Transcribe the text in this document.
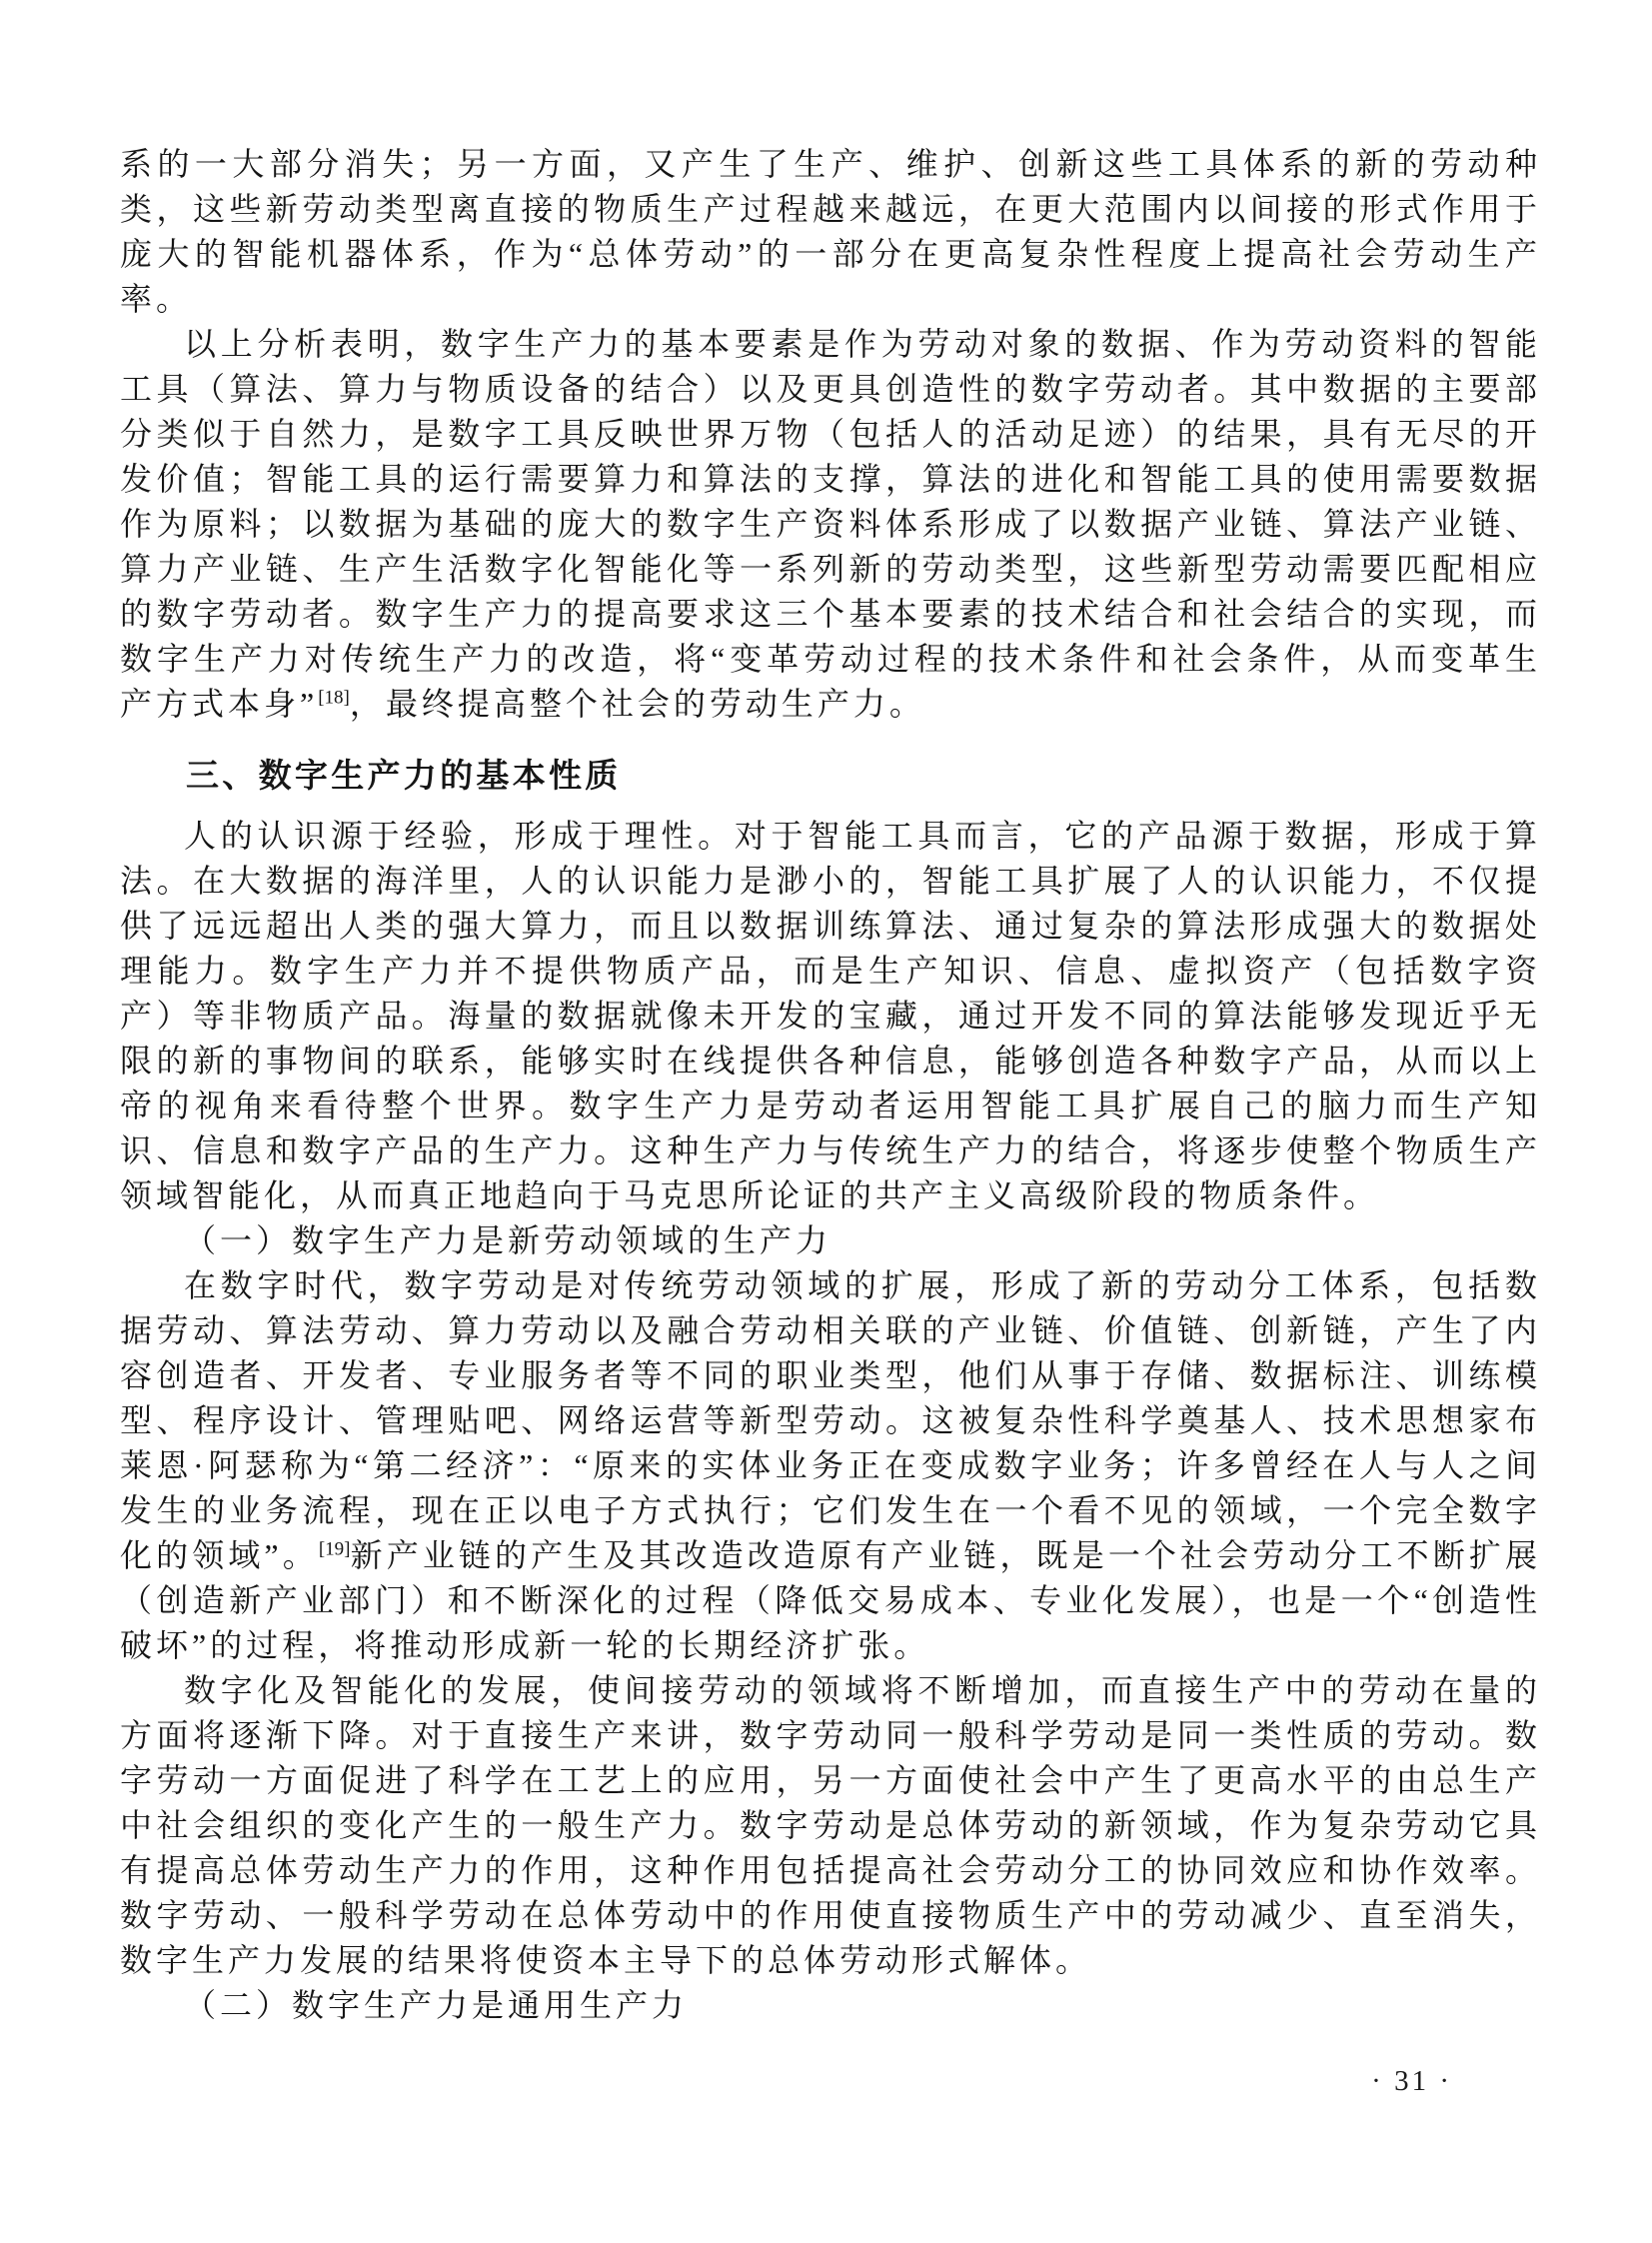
系的一大部分消失；另一方面，又产生了生产、维护、创新这些工具体系的新的劳动种类，这些新劳动类型离直接的物质生产过程越来越远，在更大范围内以间接的形式作用于庞大的智能机器体系，作为“总体劳动”的一部分在更高复杂性程度上提高社会劳动生产率。

以上分析表明，数字生产力的基本要素是作为劳动对象的数据、作为劳动资料的智能工具（算法、算力与物质设备的结合）以及更具创造性的数字劳动者。其中数据的主要部分类似于自然力，是数字工具反映世界万物（包括人的活动足迹）的结果，具有无尽的开发价值；智能工具的运行需要算力和算法的支撑，算法的进化和智能工具的使用需要数据作为原料；以数据为基础的庞大的数字生产资料体系形成了以数据产业链、算法产业链、算力产业链、生产生活数字化智能化等一系列新的劳动类型，这些新型劳动需要匹配相应的数字劳动者。数字生产力的提高要求这三个基本要素的技术结合和社会结合的实现，而数字生产力对传统生产力的改造，将“变革劳动过程的技术条件和社会条件，从而变革生产方式本身”[18]，最终提高整个社会的劳动生产力。

三、数字生产力的基本性质

人的认识源于经验，形成于理性。对于智能工具而言，它的产品源于数据，形成于算法。在大数据的海洋里，人的认识能力是渺小的，智能工具扩展了人的认识能力，不仅提供了远远超出人类的强大算力，而且以数据训练算法、通过复杂的算法形成强大的数据处理能力。数字生产力并不提供物质产品，而是生产知识、信息、虚拟资产（包括数字资产）等非物质产品。海量的数据就像未开发的宝藏，通过开发不同的算法能够发现近乎无限的新的事物间的联系，能够实时在线提供各种信息，能够创造各种数字产品，从而以上帝的视角来看待整个世界。数字生产力是劳动者运用智能工具扩展自己的脑力而生产知识、信息和数字产品的生产力。这种生产力与传统生产力的结合，将逐步使整个物质生产领域智能化，从而真正地趋向于马克思所论证的共产主义高级阶段的物质条件。

（一）数字生产力是新劳动领域的生产力

在数字时代，数字劳动是对传统劳动领域的扩展，形成了新的劳动分工体系，包括数据劳动、算法劳动、算力劳动以及融合劳动相关联的产业链、价值链、创新链，产生了内容创造者、开发者、专业服务者等不同的职业类型，他们从事于存储、数据标注、训练模型、程序设计、管理贴吧、网络运营等新型劳动。这被复杂性科学奠基人、技术思想家布莱恩·阿瑟称为“第二经济”：“原来的实体业务正在变成数字业务；许多曾经在人与人之间发生的业务流程，现在正以电子方式执行；它们发生在一个看不见的领域，一个完全数字化的领域”。[19]新产业链的产生及其改造改造原有产业链，既是一个社会劳动分工不断扩展（创造新产业部门）和不断深化的过程（降低交易成本、专业化发展），也是一个“创造性破坏”的过程，将推动形成新一轮的长期经济扩张。

数字化及智能化的发展，使间接劳动的领域将不断增加，而直接生产中的劳动在量的方面将逐渐下降。对于直接生产来讲，数字劳动同一般科学劳动是同一类性质的劳动。数字劳动一方面促进了科学在工艺上的应用，另一方面使社会中产生了更高水平的由总生产中社会组织的变化产生的一般生产力。数字劳动是总体劳动的新领域，作为复杂劳动它具有提高总体劳动生产力的作用，这种作用包括提高社会劳动分工的协同效应和协作效率。数字劳动、一般科学劳动在总体劳动中的作用使直接物质生产中的劳动减少、直至消失，数字生产力发展的结果将使资本主导下的总体劳动形式解体。

（二）数字生产力是通用生产力

· 31 ·
